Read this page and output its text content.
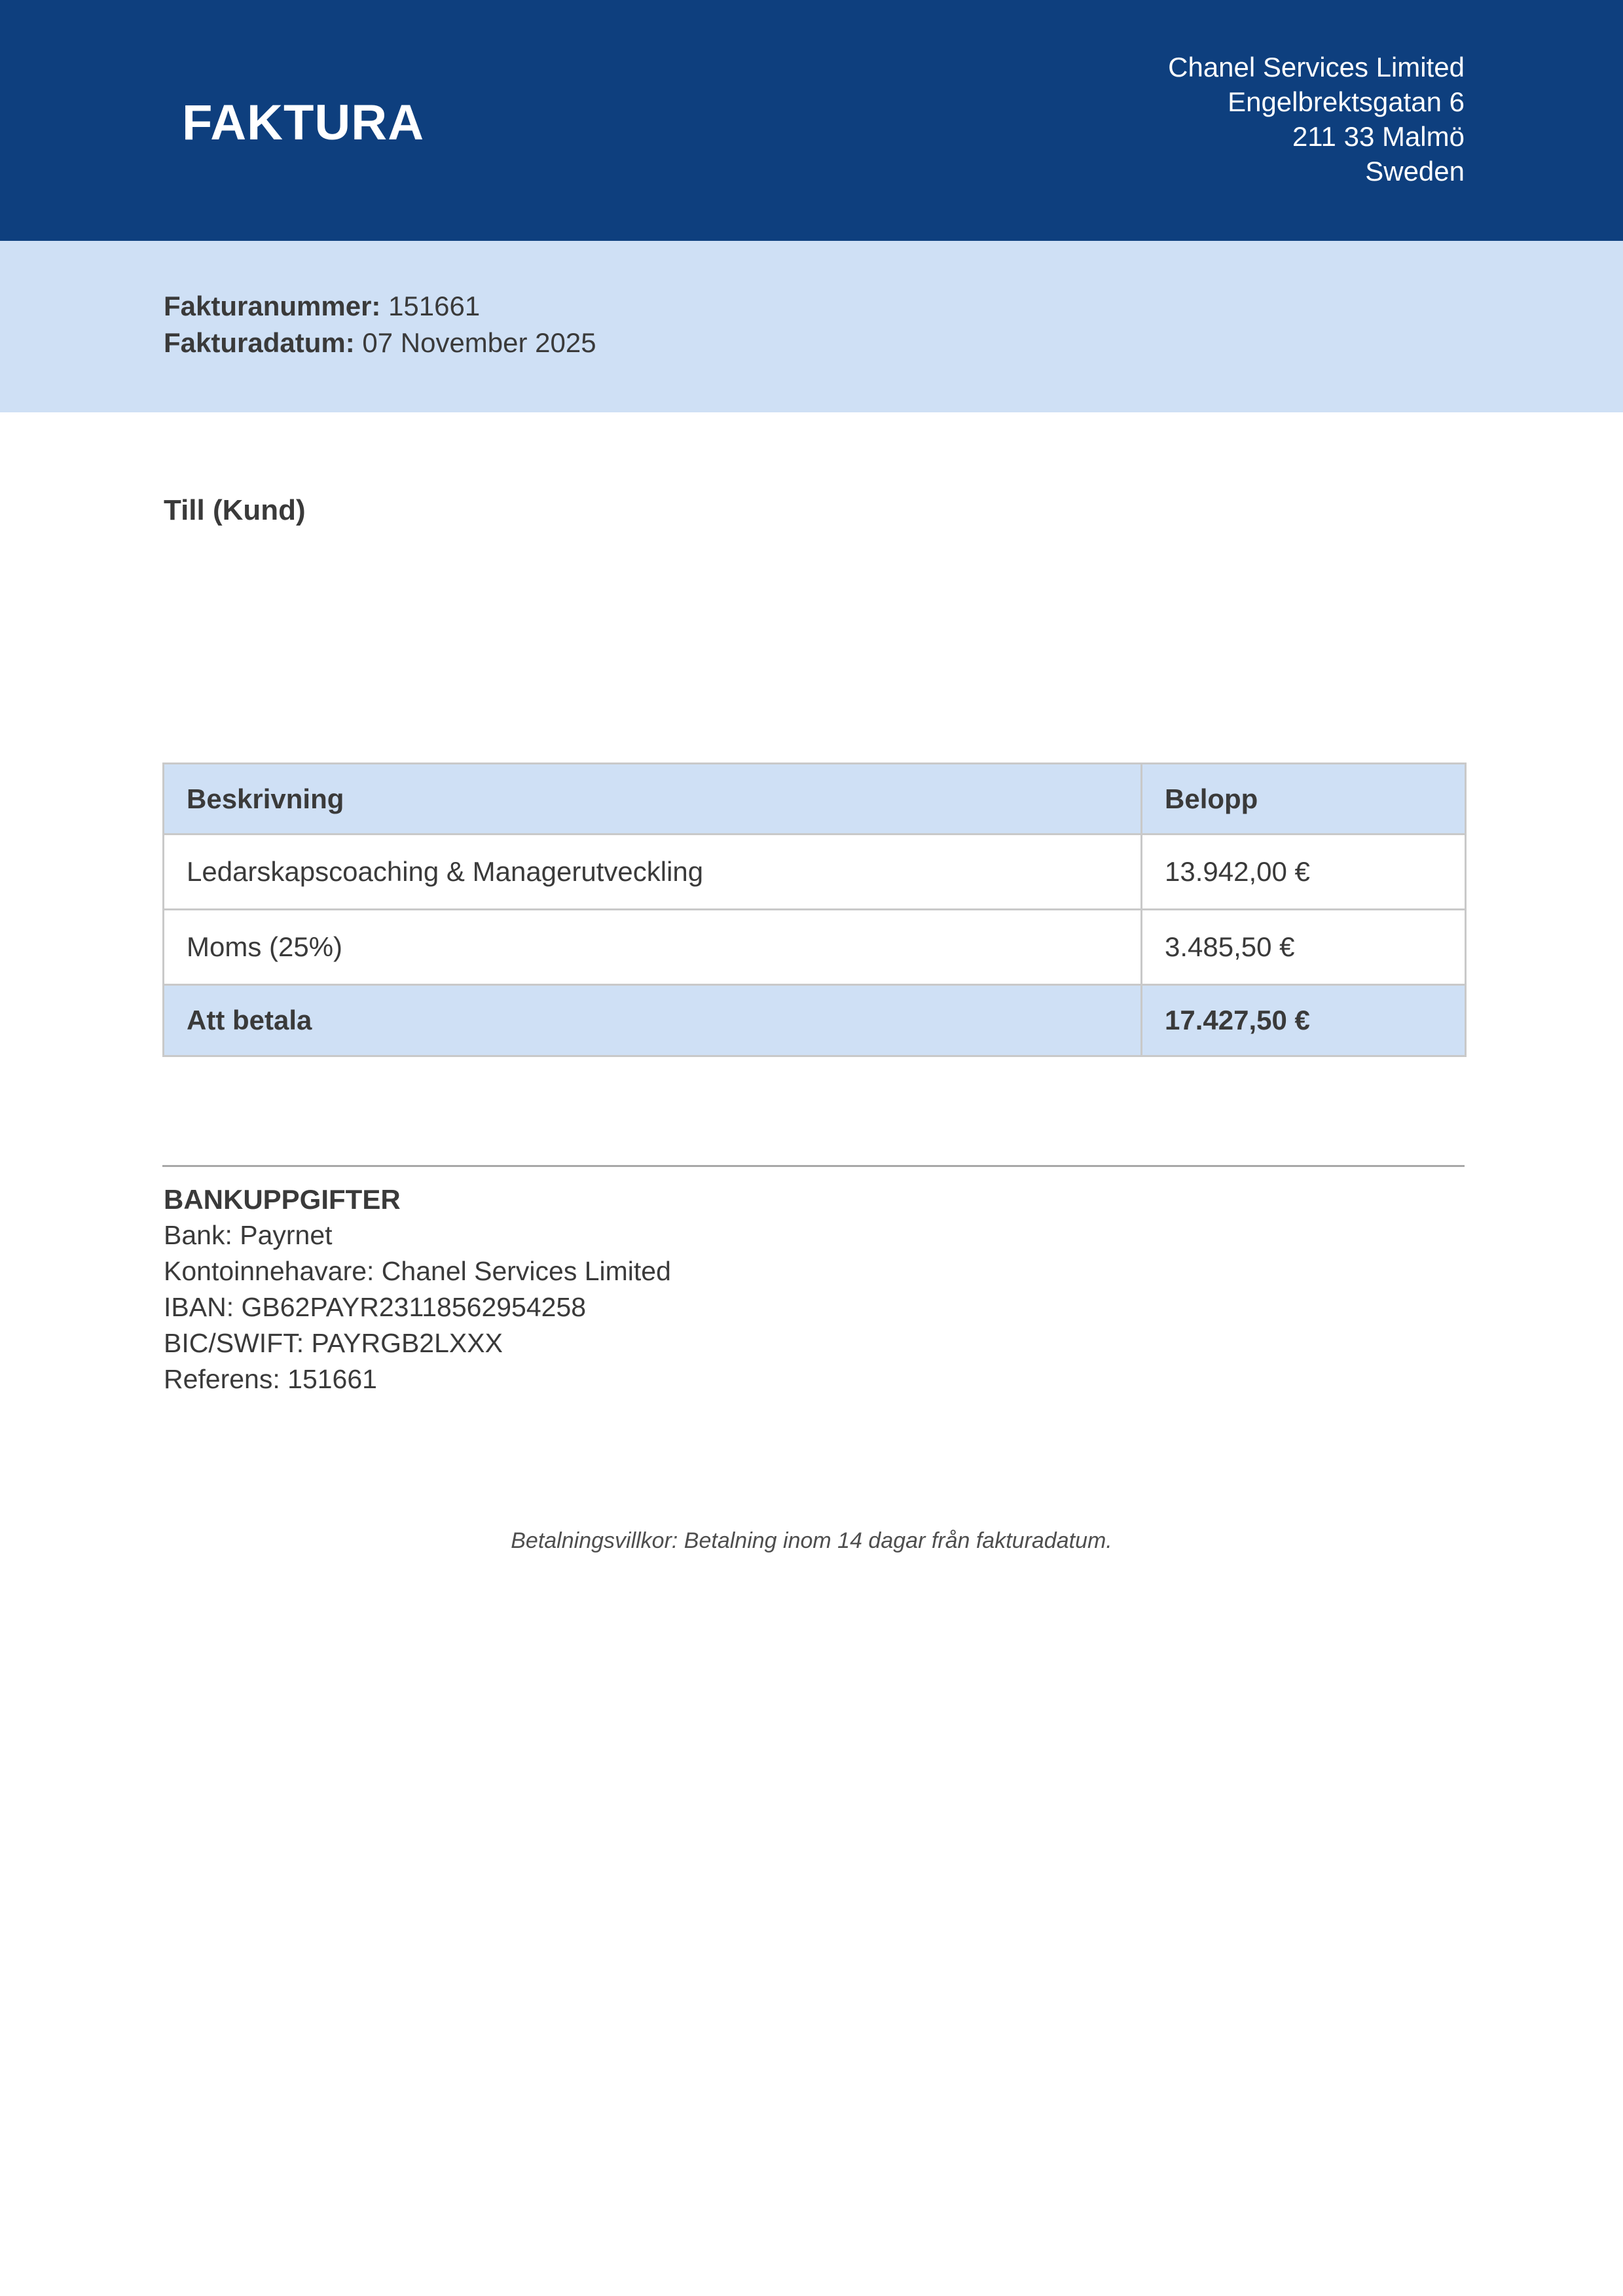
FAKTURA
Chanel Services Limited
Engelbrektsgatan 6
211 33 Malmö
Sweden
Fakturanummer: 151661
Fakturadatum: 07 November 2025
Till (Kund)
Beskrivning	Belopp
Ledarskapscoaching & Managerutveckling	13.942,00 €
Moms (25%)	3.485,50 €
Att betala	17.427,50 €
BANKUPPGIFTER
Bank: Payrnet
Kontoinnehavare: Chanel Services Limited
IBAN: GB62PAYR23118562954258
BIC/SWIFT: PAYRGB2LXXX
Referens: 151661

Betalningsvillkor: Betalning inom 14 dagar från fakturadatum.
